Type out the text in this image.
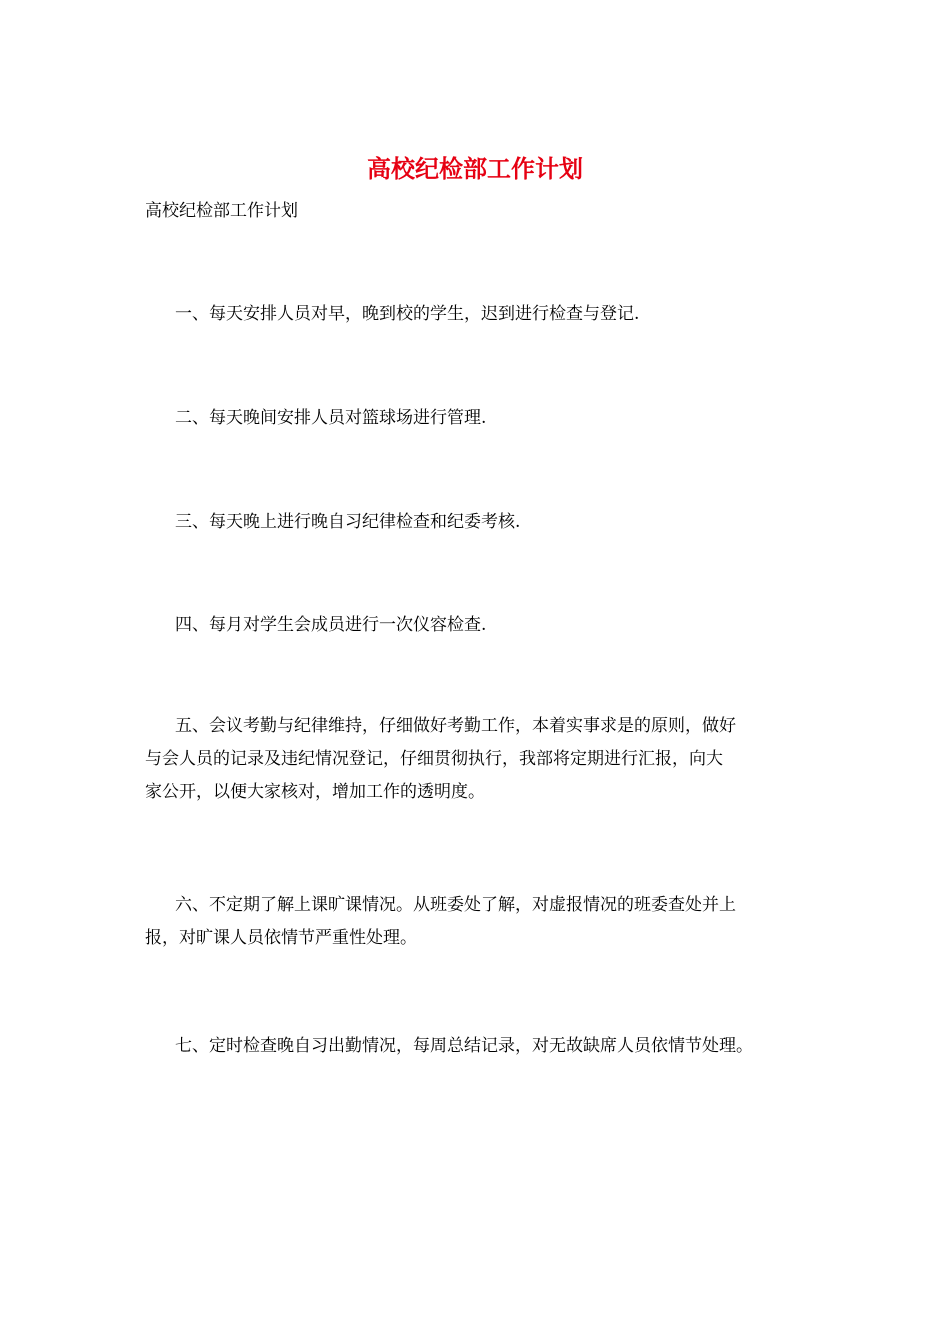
高校纪检部工作计划

高校纪检部工作计划

一、每天安排人员对早，晚到校的学生，迟到进行检查与登记.

二、每天晚间安排人员对篮球场进行管理.

三、每天晚上进行晚自习纪律检查和纪委考核.

四、每月对学生会成员进行一次仪容检查.

五、会议考勤与纪律维持，仔细做好考勤工作，本着实事求是的原则，做好
与会人员的记录及违纪情况登记，仔细贯彻执行，我部将定期进行汇报，向大
家公开，以便大家核对，增加工作的透明度。

六、不定期了解上课旷课情况。从班委处了解，对虚报情况的班委查处并上
报，对旷课人员依情节严重性处理。

七、定时检查晚自习出勤情况，每周总结记录，对无故缺席人员依情节处理。
